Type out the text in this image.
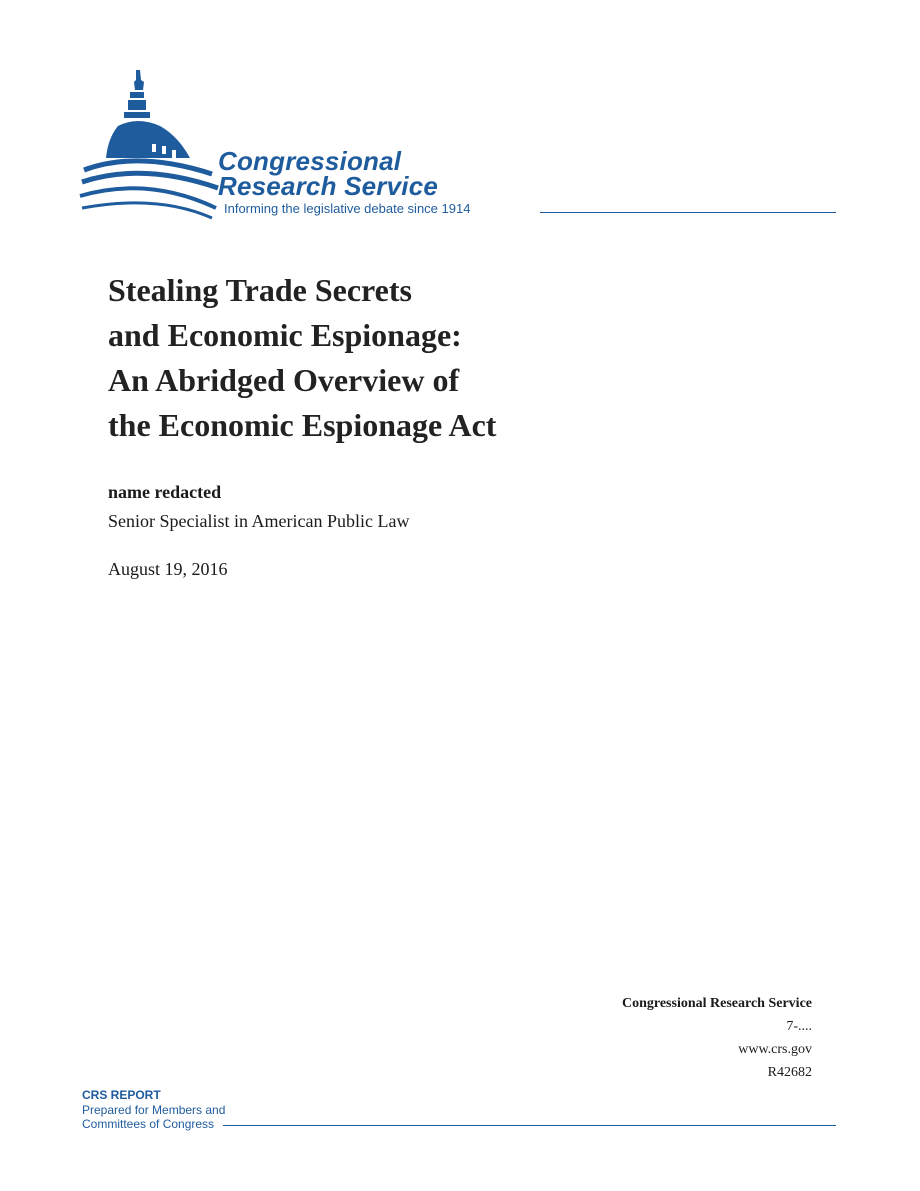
Congressional
Research Service
Informing the legislative debate since 1914
Stealing Trade Secrets
and Economic Espionage:
An Abridged Overview of
the Economic Espionage Act
name redacted
Senior Specialist in American Public Law
August 19, 2016
Congressional Research Service
7-....
www.crs.gov
R42682
CRS REPORT
Prepared for Members and
Committees of Congress
